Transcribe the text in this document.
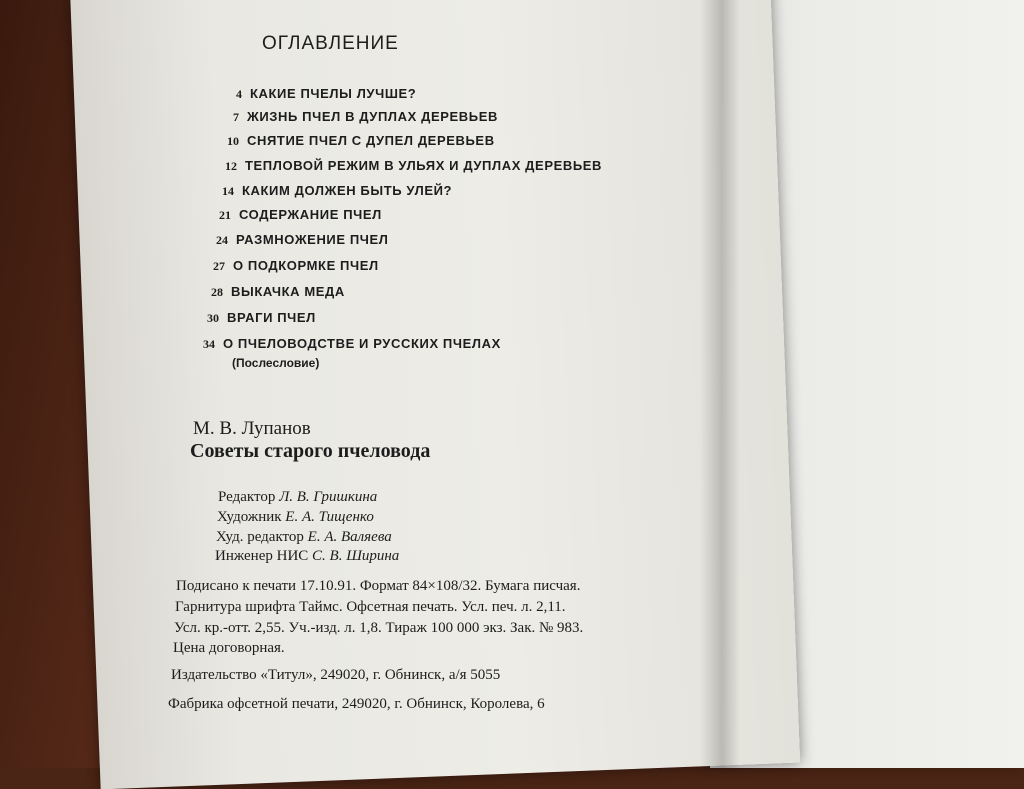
ОГЛАВЛЕНИЕ
4 КАКИЕ ПЧЕЛЫ ЛУЧШЕ?
7 ЖИЗНЬ ПЧЕЛ В ДУПЛАХ ДЕРЕВЬЕВ
10 СНЯТИЕ ПЧЕЛ С ДУПЕЛ ДЕРЕВЬЕВ
12 ТЕПЛОВОЙ РЕЖИМ В УЛЬЯХ И ДУПЛАХ ДЕРЕВЬЕВ
14 КАКИМ ДОЛЖЕН БЫТЬ УЛЕЙ?
21 СОДЕРЖАНИЕ ПЧЕЛ
24 РАЗМНОЖЕНИЕ ПЧЕЛ
27 О ПОДКОРМКЕ ПЧЕЛ
28 ВЫКАЧКА МЕДА
30 ВРАГИ ПЧЕЛ
34 О ПЧЕЛОВОДСТВЕ И РУССКИХ ПЧЕЛАХ
(Послесловие)
М. В. Лупанов
Советы старого пчеловода
Редактор Л. В. Гришкина
Художник Е. А. Тищенко
Худ. редактор Е. А. Валяева
Инженер НИС С. В. Ширина
Подисано к печати 17.10.91. Формат 84×108/32. Бумага писчая.
Гарнитура шрифта Таймс. Офсетная печать. Усл. печ. л. 2,11.
Усл. кр.-отт. 2,55. Уч.-изд. л. 1,8. Тираж 100 000 экз. Зак. № 983.
Цена договорная.
Издательство «Титул», 249020, г. Обнинск, а/я 5055
Фабрика офсетной печати, 249020, г. Обнинск, Королева, 6
